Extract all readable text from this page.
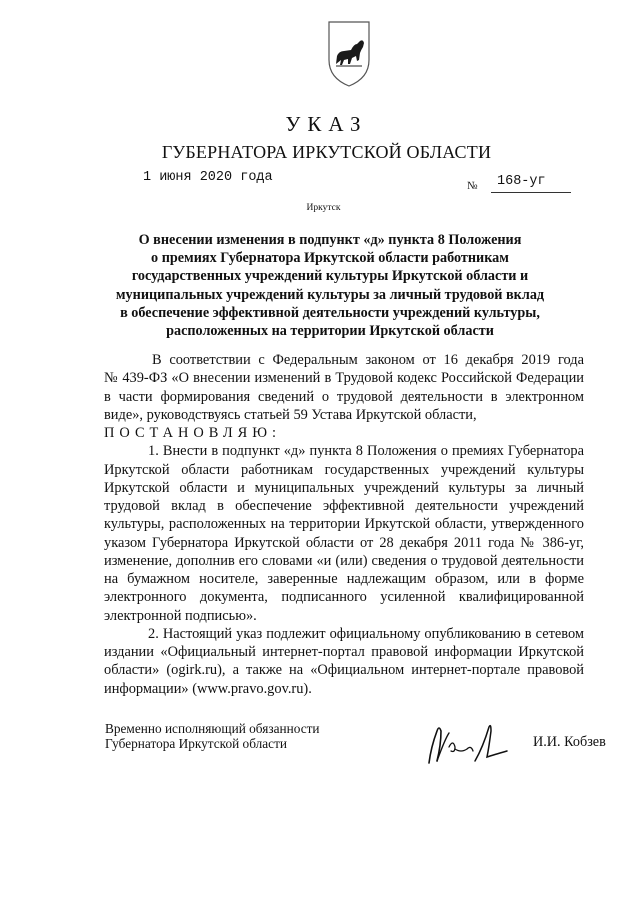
УКАЗ
ГУБЕРНАТОРА ИРКУТСКОЙ ОБЛАСТИ
1 июня 2020 года
№	168-уг
Иркутск
О внесении изменения в подпункт «д» пункта 8 Положения
о премиях Губернатора Иркутской области работникам
государственных учреждений культуры Иркутской области и
муниципальных учреждений культуры за личный трудовой вклад
в обеспечение эффективной деятельности учреждений культуры,
расположенных на территории Иркутской области

В соответствии с Федеральным законом от 16 декабря 2019 года

№ 439-ФЗ «О внесении изменений в Трудовой кодекс Российской Федерации в части формирования сведений о трудовой деятельности в электронном виде», руководствуясь статьей 59 Устава Иркутской области,

ПОСТАНОВЛЯЮ:

1. Внести в подпункт «д» пункта 8 Положения о премиях Губернатора Иркутской области работникам государственных учреждений культуры Иркутской области и муниципальных учреждений культуры за личный трудовой вклад в обеспечение эффективной деятельности учреждений культуры, расположенных на территории Иркутской области, утвержденного указом Губернатора Иркутской области от 28 декабря 2011 года № 386-уг, изменение, дополнив его словами «и (или) сведения о трудовой деятельности на бумажном носителе, заверенные надлежащим образом, или в форме электронного документа, подписанного усиленной квалифицированной электронной подписью».

2. Настоящий указ подлежит официальному опубликованию в сетевом издании «Официальный интернет-портал правовой информации Иркутской области» (ogirk.ru), а также на «Официальном интернет-портале правовой информации» (www.pravo.gov.ru).

Временно исполняющий обязанности
Губернатора Иркутской области	И.И. Кобзев
